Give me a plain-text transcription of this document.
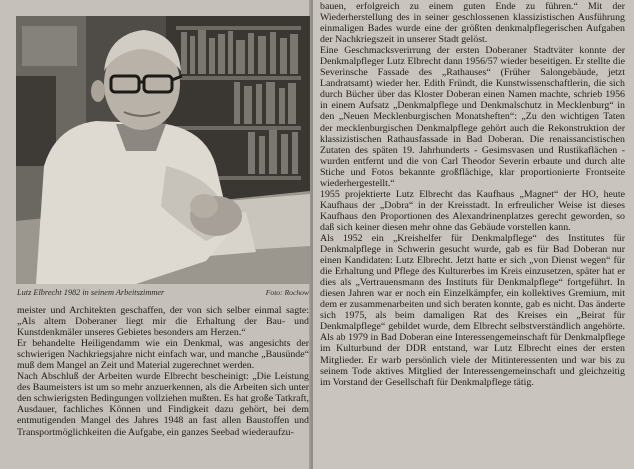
Lutz Elbrecht 1982 in seinem Arbeitszimmer	Foto: Rochow

meister und Architekten geschaffen, der von sich selber einmal sagte: „Als altem Doberaner liegt mir die Erhaltung der Bau- und Kunstdenkmäler unseres Gebietes besonders am Herzen.“

Er behandelte Heiligendamm wie ein Denkmal, was angesichts der schwierigen Nachkriegsjahre nicht einfach war, und manche „Bausünde“ muß dem Mangel an Zeit und Material zugerechnet werden.

Nach Abschluß der Arbeiten wurde Elbrecht bescheinigt: „Die Leistung des Baumeisters ist um so mehr anzuerkennen, als die Arbeiten sich unter den schwierigsten Bedingungen vollziehen mußten. Es hat große Tatkraft, Ausdauer, fachliches Können und Findigkeit dazu gehört, bei dem entmutigenden Mangel des Jahres 1948 an fast allen Baustoffen und Transportmöglichkeiten die Aufgabe, ein ganzes Seebad wiederaufzu-

bauen, erfolgreich zu einem guten Ende zu führen.“ Mit der Wiederherstellung des in seiner geschlossenen klassizistischen Ausführung einmaligen Bades wurde eine der größten denkmalpflegerischen Aufgaben der Nachkriegszeit in unserer Stadt gelöst.

Eine Geschmacksverirrung der ersten Doberaner Stadtväter konnte der Denkmalpfleger Lutz Elbrecht dann 1956/57 wieder beseitigen. Er stellte die Severinsche Fassade des „Rathauses“ (Früher Salongebäude, jetzt Landratsamt) wieder her. Edith Fründt, die Kunstwissenschaftlerin, die sich durch Bücher über das Kloster Doberan einen Namen machte, schrieb 1956 in einem Aufsatz „Denkmalpflege und Denkmalschutz in Mecklenburg“ in den „Neuen Mecklenburgischen Monatsheften“: „Zu den wichtigen Taten der mecklenburgischen Denkmalpflege gehört auch die Rekonstruktion der klassizistischen Rathausfassade in Bad Doberan. Die renaissancistischen Zutaten des späten 19. Jahrhunderts - Gesimsvasen und Rustikaflächen - wurden entfernt und die von Carl Theodor Severin erbaute und durch alte Stiche und Fotos bekannte großflächige, klar proportionierte Frontseite wiederhergestellt.“

1955 projektierte Lutz Elbrecht das Kaufhaus „Magnet“ der HO, heute Kaufhaus der „Dobra“ in der Kreisstadt. In erfreulicher Weise ist dieses Kaufhaus den Proportionen des Alexandrinenplatzes gerecht geworden, so daß sich keiner diesen mehr ohne das Gebäude vorstellen kann.

Als 1952 ein „Kreishelfer für Denkmalpflege“ des Institutes für Denkmalpflege in Schwerin gesucht wurde, gab es für Bad Doberan nur einen Kandidaten: Lutz Elbrecht. Jetzt hatte er sich „von Dienst wegen“ für die Erhaltung und Pflege des Kulturerbes im Kreis einzusetzen, später hat er dies als „Vertrauensmann des Instituts für Denkmalpflege“ fortgeführt. In diesen Jahren war er noch ein Einzelkämpfer, ein kollektives Gremium, mit dem er zusammenarbeiten und sich beraten konnte, gab es nicht. Das änderte sich 1975, als beim damaligen Rat des Kreises ein „Beirat für Denkmalpflege“ gebildet wurde, dem Elbrecht selbstverständlich angehörte. Als ab 1979 in Bad Doberan eine Interessengemeinschaft für Denkmalpflege im Kulturbund der DDR entstand, war Lutz Elbrecht eines der ersten Mitglieder. Er warb persönlich viele der Mitinteressenten und war bis zu seinem Tode aktives Mitglied der Interessengemeinschaft und gleichzeitig im Vorstand der Gesellschaft für Denkmalpflege tätig.
